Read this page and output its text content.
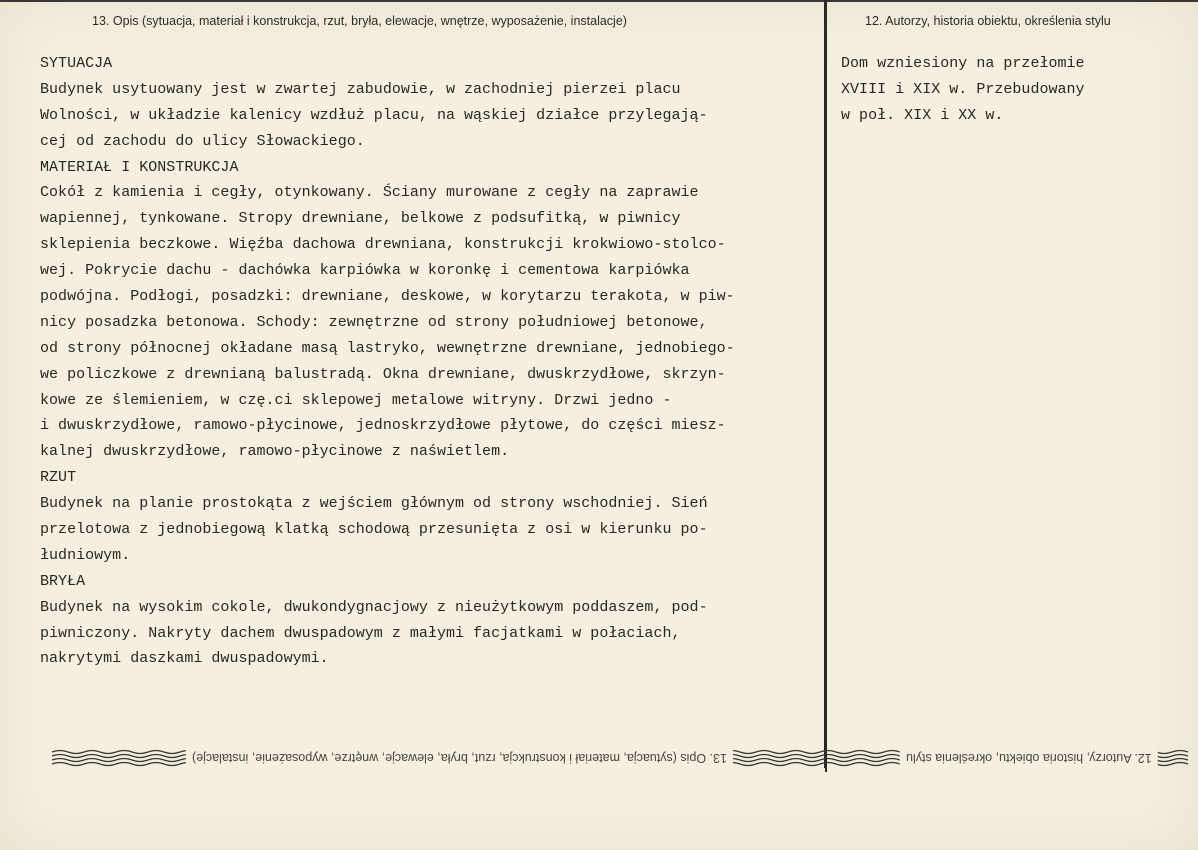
13. Opis (sytuacja, materiał i konstrukcja, rzut, bryła, elewacje, wnętrze, wyposażenie, instalacje)	12. Autorzy, historia obiektu, określenia stylu
SYTUACJA
Budynek usytuowany jest w zwartej zabudowie, w zachodniej pierzei placu
Wolności, w układzie kalenicy wzdłuż placu, na wąskiej działce przylegają-
cej od zachodu do ulicy Słowackiego.
MATERIAŁ I KONSTRUKCJA
Cokół z kamienia i cegły, otynkowany. Ściany murowane z cegły na zaprawie
wapiennej, tynkowane. Stropy drewniane, belkowe z podsufitką, w piwnicy
sklepienia beczkowe. Więźba dachowa drewniana, konstrukcji krokwiowo-stolco-
wej. Pokrycie dachu - dachówka karpiówka w koronkę i cementowa karpiówka
podwójna. Podłogi, posadzki: drewniane, deskowe, w korytarzu terakota, w piw-
nicy posadzka betonowa. Schody: zewnętrzne od strony południowej betonowe,
od strony północnej okładane masą lastryko, wewnętrzne drewniane, jednobiego-
we policzkowe z drewnianą balustradą. Okna drewniane, dwuskrzydłowe, skrzyn-
kowe ze ślemieniem, w czę.ci sklepowej metalowe witryny. Drzwi jedno -
i dwuskrzydłowe, ramowo-płycinowe, jednoskrzydłowe płytowe, do części miesz-
kalnej dwuskrzydłowe, ramowo-płycinowe z naświetlem.
RZUT
Budynek na planie prostokąta z wejściem głównym od strony wschodniej. Sień
przelotowa z jednobiegową klatką schodową przesunięta z osi w kierunku po-
łudniowym.
BRYŁA
Budynek na wysokim cokole, dwukondygnacjowy z nieużytkowym poddaszem, pod-
piwniczony. Nakryty dachem dwuspadowym z małymi facjatkami w połaciach,
nakrytymi daszkami dwuspadowymi.
Dom wzniesiony na przełomie
XVIII i XIX w. Przebudowany
w poł. XIX i XX w.
13. Opis (sytuacja, materiał i konstrukcja, rzut, bryła, elewacje, wnętrze, wyposażenie, instalacje)	12. Autorzy, historia obiektu, określenia stylu
